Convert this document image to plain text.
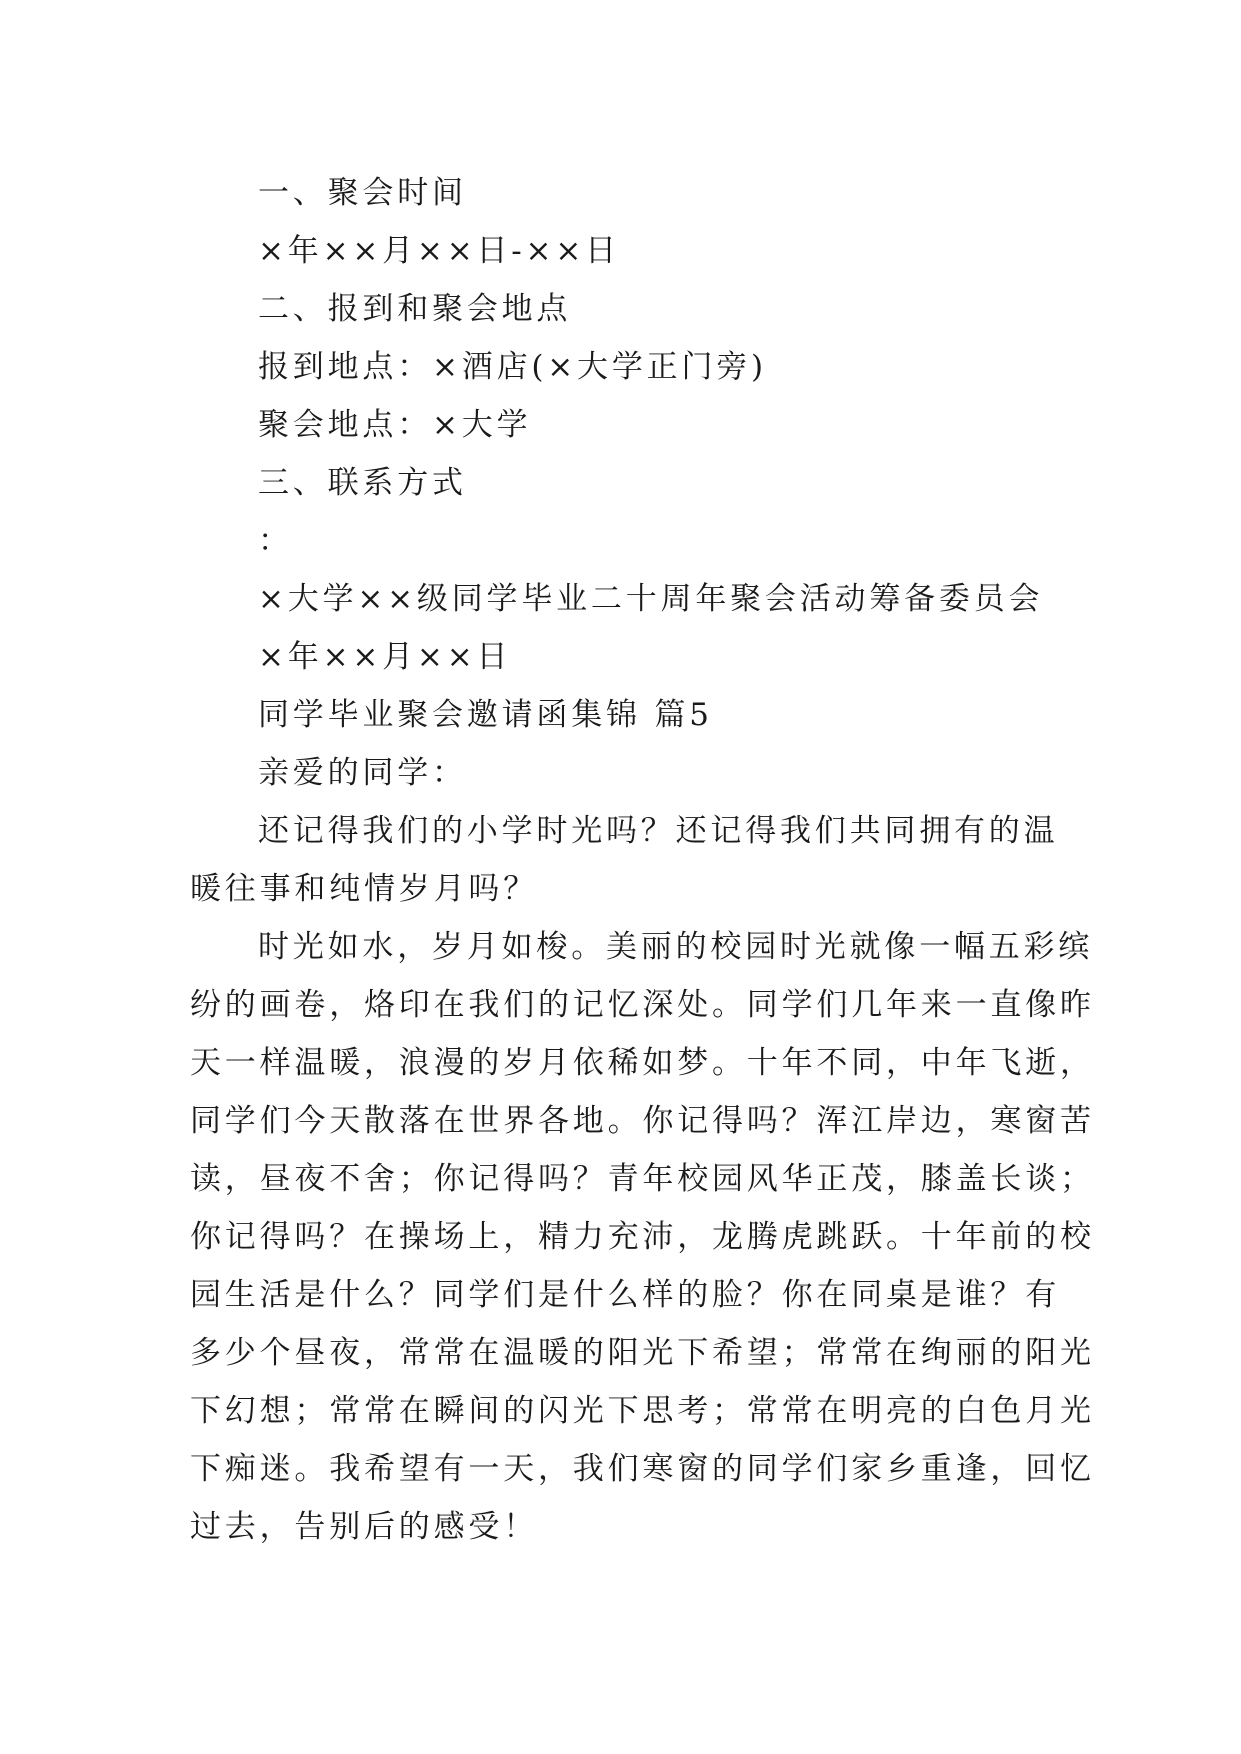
一、聚会时间
×年××月××日-××日
二、报到和聚会地点
报到地点：×酒店(×大学正门旁)
聚会地点：×大学
三、联系方式
：
×大学××级同学毕业二十周年聚会活动筹备委员会
×年××月××日
同学毕业聚会邀请函集锦 篇5
亲爱的同学：
还记得我们的小学时光吗？还记得我们共同拥有的温
暖往事和纯情岁月吗？
时光如水，岁月如梭。美丽的校园时光就像一幅五彩缤
纷的画卷，烙印在我们的记忆深处。同学们几年来一直像昨
天一样温暖，浪漫的岁月依稀如梦。十年不同，中年飞逝，
同学们今天散落在世界各地。你记得吗？浑江岸边，寒窗苦
读，昼夜不舍；你记得吗？青年校园风华正茂，膝盖长谈；
你记得吗？在操场上，精力充沛，龙腾虎跳跃。十年前的校
园生活是什么？同学们是什么样的脸？你在同桌是谁？有
多少个昼夜，常常在温暖的阳光下希望；常常在绚丽的阳光
下幻想；常常在瞬间的闪光下思考；常常在明亮的白色月光
下痴迷。我希望有一天，我们寒窗的同学们家乡重逢，回忆
过去，告别后的感受！
